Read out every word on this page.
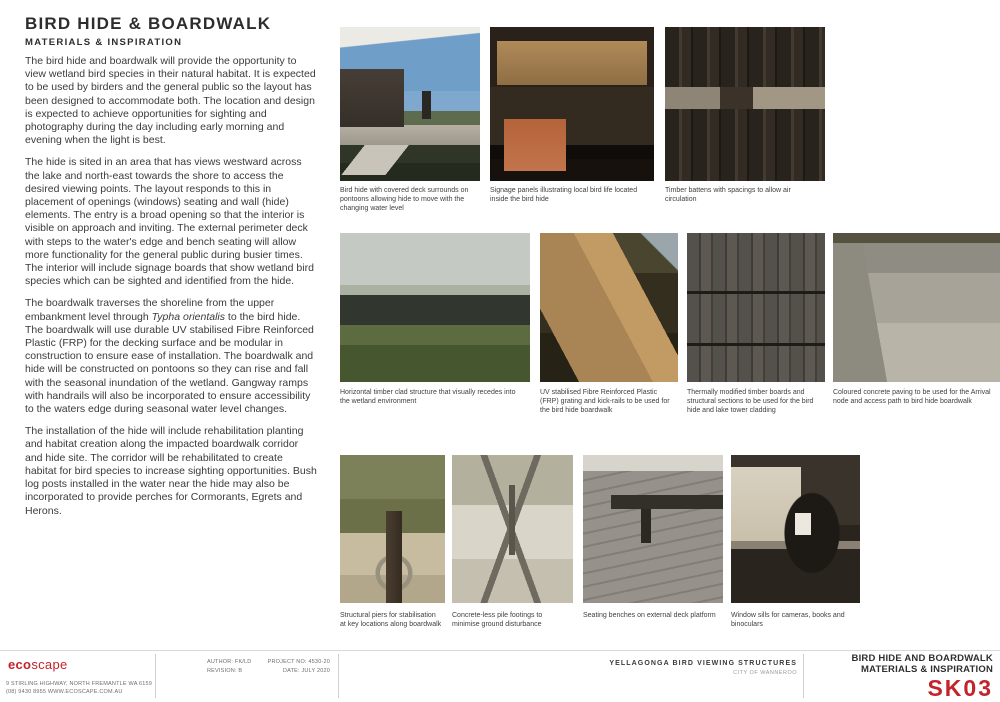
BIRD HIDE & BOARDWALK
MATERIALS & INSPIRATION

The bird hide and boardwalk will provide the opportunity to view wetland bird species in their natural habitat. It is expected to be used by birders and the general public so the layout has been designed to accommodate both. The location and design is expected to achieve opportunities for sighting and photography during the day including early morning and evening when the light is best.

The hide is sited in an area that has views westward across the lake and north-east towards the shore to access the desired viewing points. The layout responds to this in placement of openings (windows) seating and wall (hide) elements. The entry is a broad opening so that the interior is visible on approach and inviting. The external perimeter deck with steps to the water's edge and bench seating will allow more functionality for the general public during busier times. The interior will include signage boards that show wetland bird species which can be sighted and identified from the hide.

The boardwalk traverses the shoreline from the upper embankment level through Typha orientalis to the bird hide. The boardwalk will use durable UV stabilised Fibre Reinforced Plastic (FRP) for the decking surface and be modular in construction to ensure ease of installation. The boardwalk and hide will be constructed on pontoons so they can rise and fall with the seasonal inundation of the wetland. Gangway ramps with handrails will also be incorporated to ensure accessibility to the waters edge during seasonal water level changes.

The installation of the hide will include rehabilitation planting and habitat creation along the impacted boardwalk corridor and hide site. The corridor will be rehabilitated to create habitat for bird species to increase sighting opportunities. Bush log posts installed in the water near the hide may also be incorporated to provide perches for Cormorants, Egrets and Herons.

Bird hide with covered deck surrounds on pontoons allowing hide to move with the changing water level
Signage panels illustrating local bird life located inside the bird hide
Timber battens with spacings to allow air circulation
Horizontal timber clad structure that visually recedes into the wetland environment
UV stabilised Fibre Reinforced Plastic (FRP) grating and kick-rails to be used for the bird hide boardwalk
Thermally modified timber boards and structural sections to be used for the bird hide and lake tower cladding
Coloured concrete paving to be used for the Arrival node and access path to bird hide boardwalk
Structural piers for stabilisation at key locations along boardwalk
Concrete-less pile footings to minimise ground disturbance
Seating benches on external deck platform	Window sills for cameras, books and binoculars
ecoscape
9 STIRLING HIGHWAY, NORTH FREMANTLE WA 6159
(08) 9430 8955 WWW.ECOSCAPE.COM.AU
AUTHOR: FK/LD
REVISION: B
PROJECT NO: 4530-20
DATE: JULY 2020
YELLAGONGA BIRD VIEWING STRUCTURES
CITY OF WANNEROO
BIRD HIDE AND BOARDWALK
MATERIALS & INSPIRATION
SK03
